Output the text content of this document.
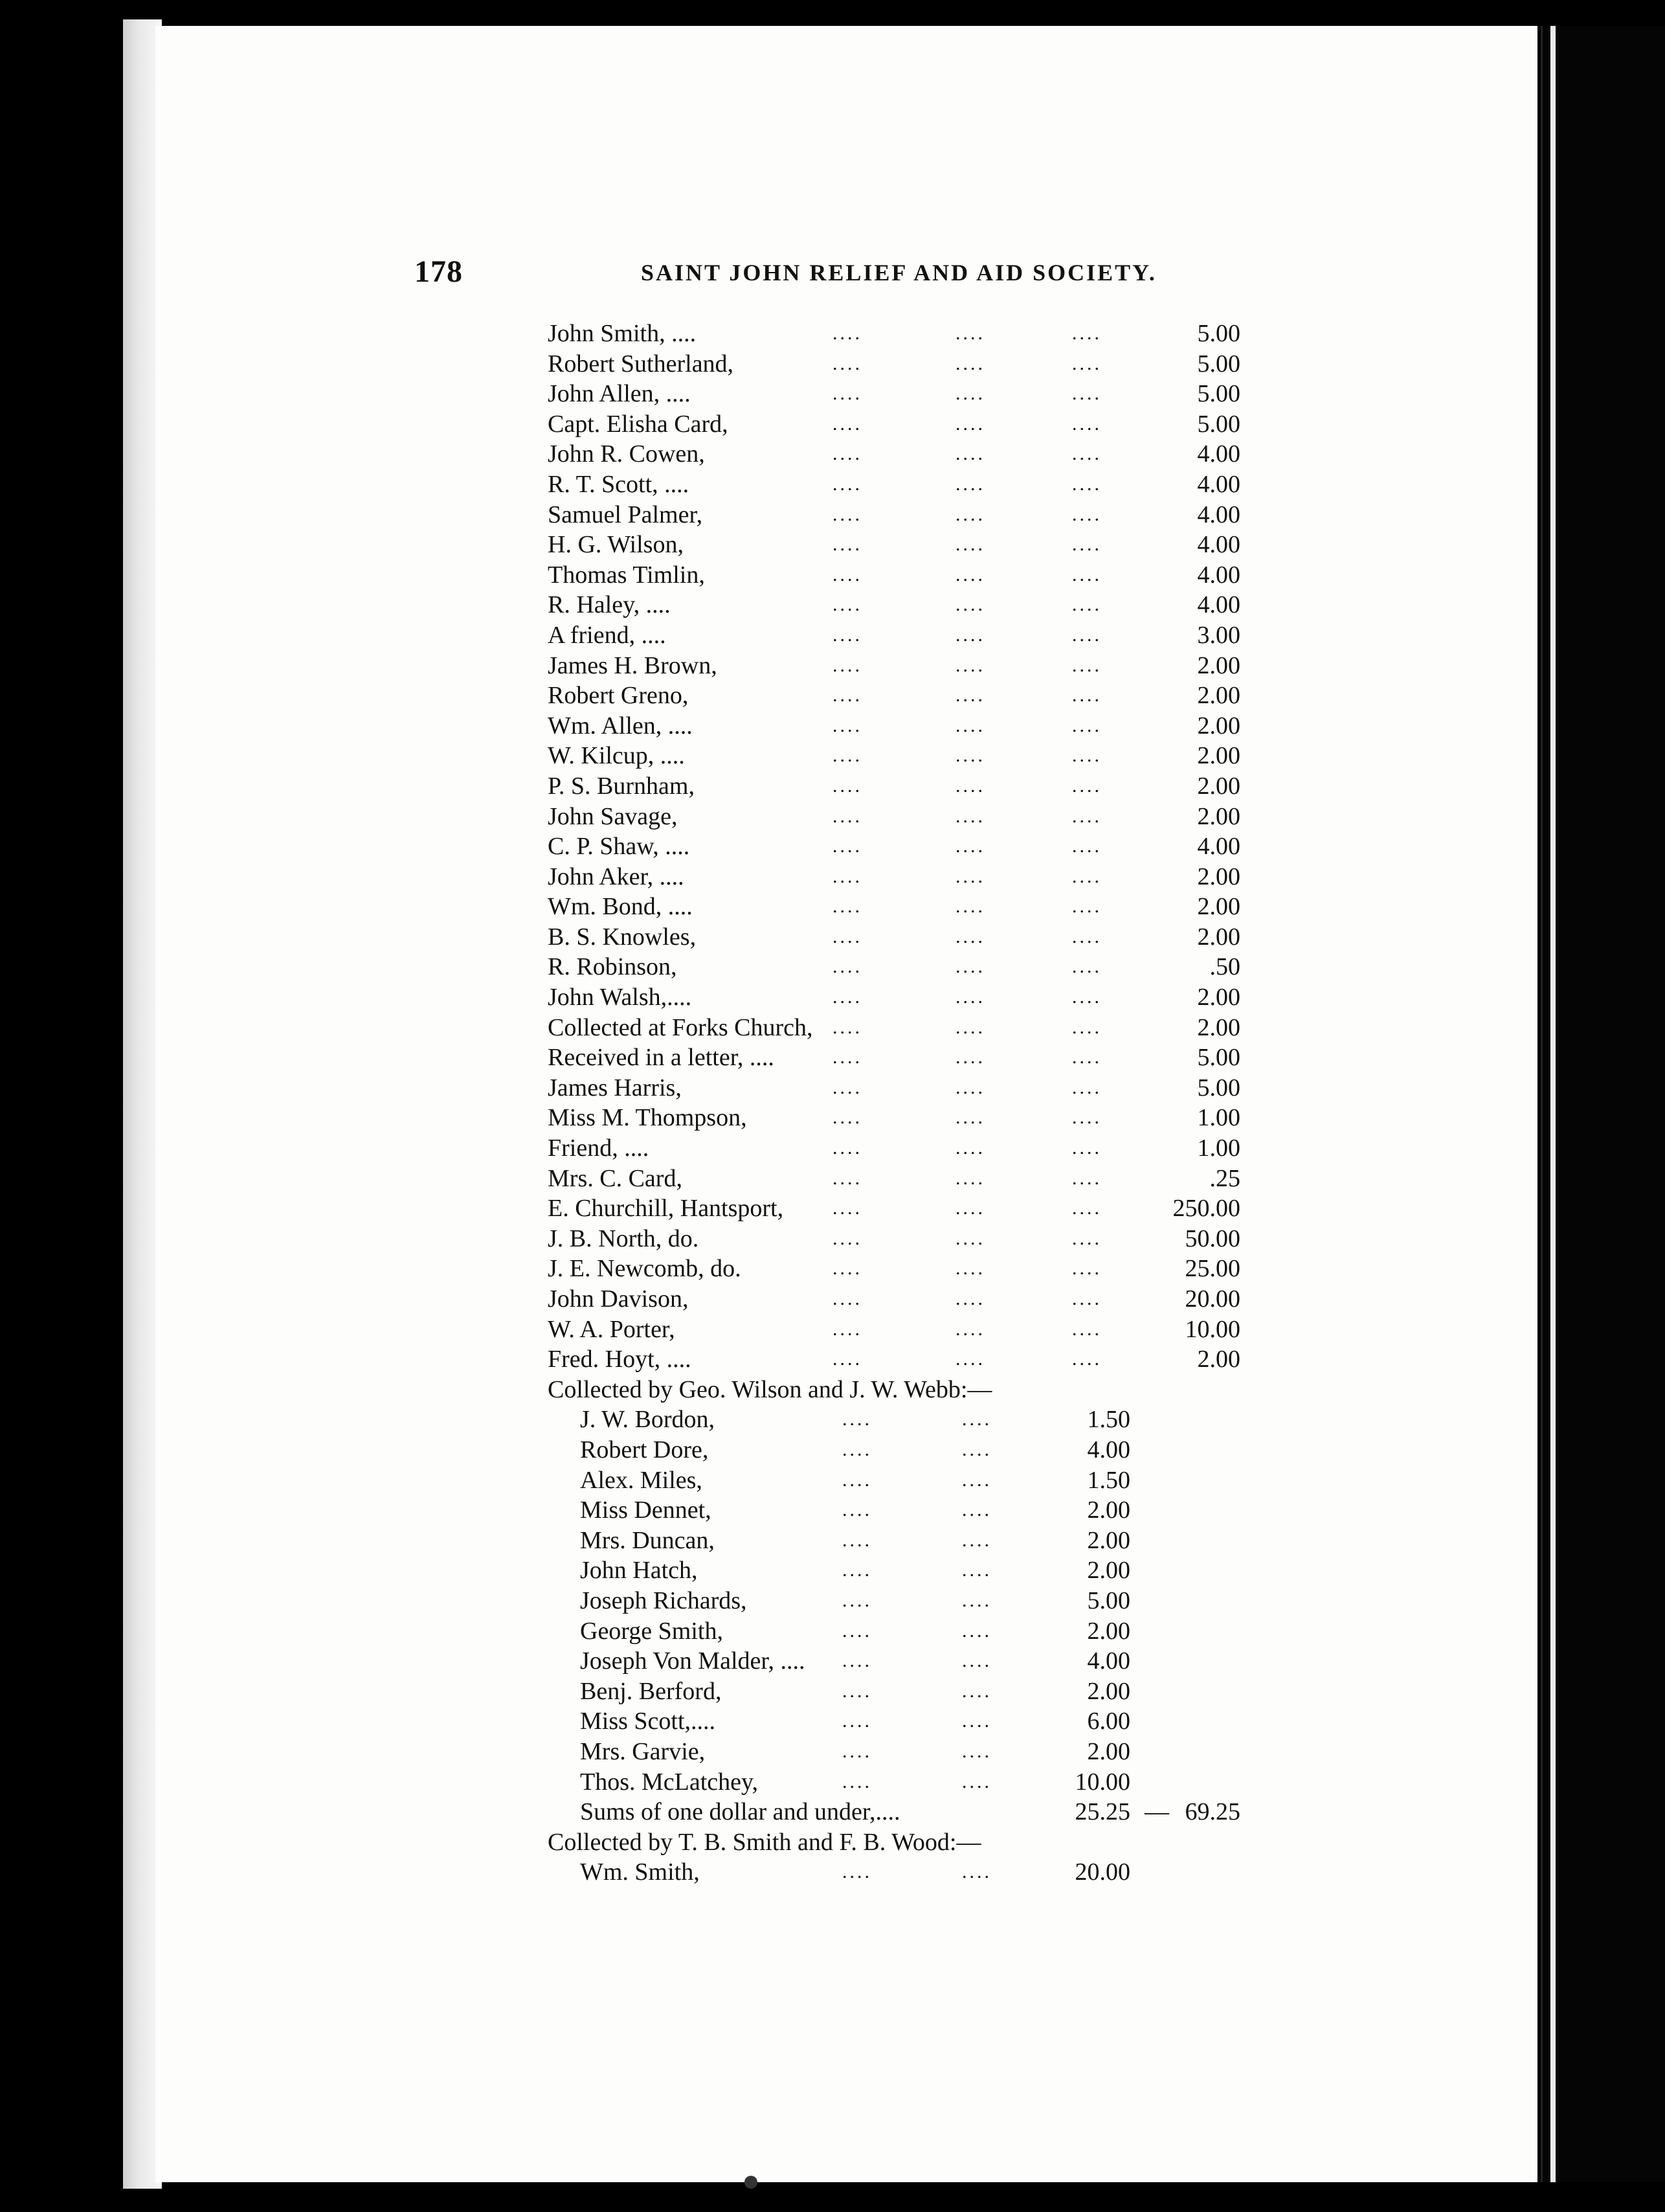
178	SAINT JOHN RELIEF AND AID SOCIETY.
John Smith, ....	....	....	....	5.00
Robert Sutherland,	....	....	....	5.00
John Allen, ....	....	....	....	5.00
Capt. Elisha Card,	....	....	....	5.00
John R. Cowen,	....	....	....	4.00
R. T. Scott, ....	....	....	....	4.00
Samuel Palmer,	....	....	....	4.00
H. G. Wilson,	....	....	....	4.00
Thomas Timlin,	....	....	....	4.00
R. Haley, ....	....	....	....	4.00
A friend, ....	....	....	....	3.00
James H. Brown,	....	....	....	2.00
Robert Greno,	....	....	....	2.00
Wm. Allen, ....	....	....	....	2.00
W. Kilcup, ....	....	....	....	2.00
P. S. Burnham,	....	....	....	2.00
John Savage,	....	....	....	2.00
C. P. Shaw, ....	....	....	....	4.00
John Aker, ....	....	....	....	2.00
Wm. Bond, ....	....	....	....	2.00
B. S. Knowles,	....	....	....	2.00
R. Robinson,	....	....	....	.50
John Walsh,....	....	....	....	2.00
Collected at Forks Church, ....	....	....	2.00
Received in a letter, ....	....	....	....	5.00
James Harris,	....	....	....	5.00
Miss M. Thompson,	....	....	....	1.00
Friend, ....	....	....	....	1.00
Mrs. C. Card,	....	....	....	.25
E. Churchill, Hantsport,	....	....	....	250.00
J. B. North, do.	....	....	....	50.00
J. E. Newcomb, do.	....	....	....	25.00
John Davison,	....	....	....	20.00
W. A. Porter,	....	....	....	10.00
Fred. Hoyt, ....	....	....	....	2.00
Collected by Geo. Wilson and J. W. Webb:—
J. W. Bordon,	....	....	1.50
Robert Dore,	....	....	4.00
Alex. Miles,	....	....	1.50
Miss Dennet,	....	....	2.00
Mrs. Duncan,	....	....	2.00
John Hatch,	....	....	2.00
Joseph Richards,	....	....	5.00
George Smith,	....	....	2.00
Joseph Von Malder, .... ....	....	4.00
Benj. Berford,	....	....	2.00
Miss Scott,....	....	....	6.00
Mrs. Garvie,	....	....	2.00
Thos. McLatchey,	....	....	10.00
Sums of one dollar and under,....	25.25 — 69.25
Collected by T. B. Smith and F. B. Wood:—
Wm. Smith,	....	....	20.00
